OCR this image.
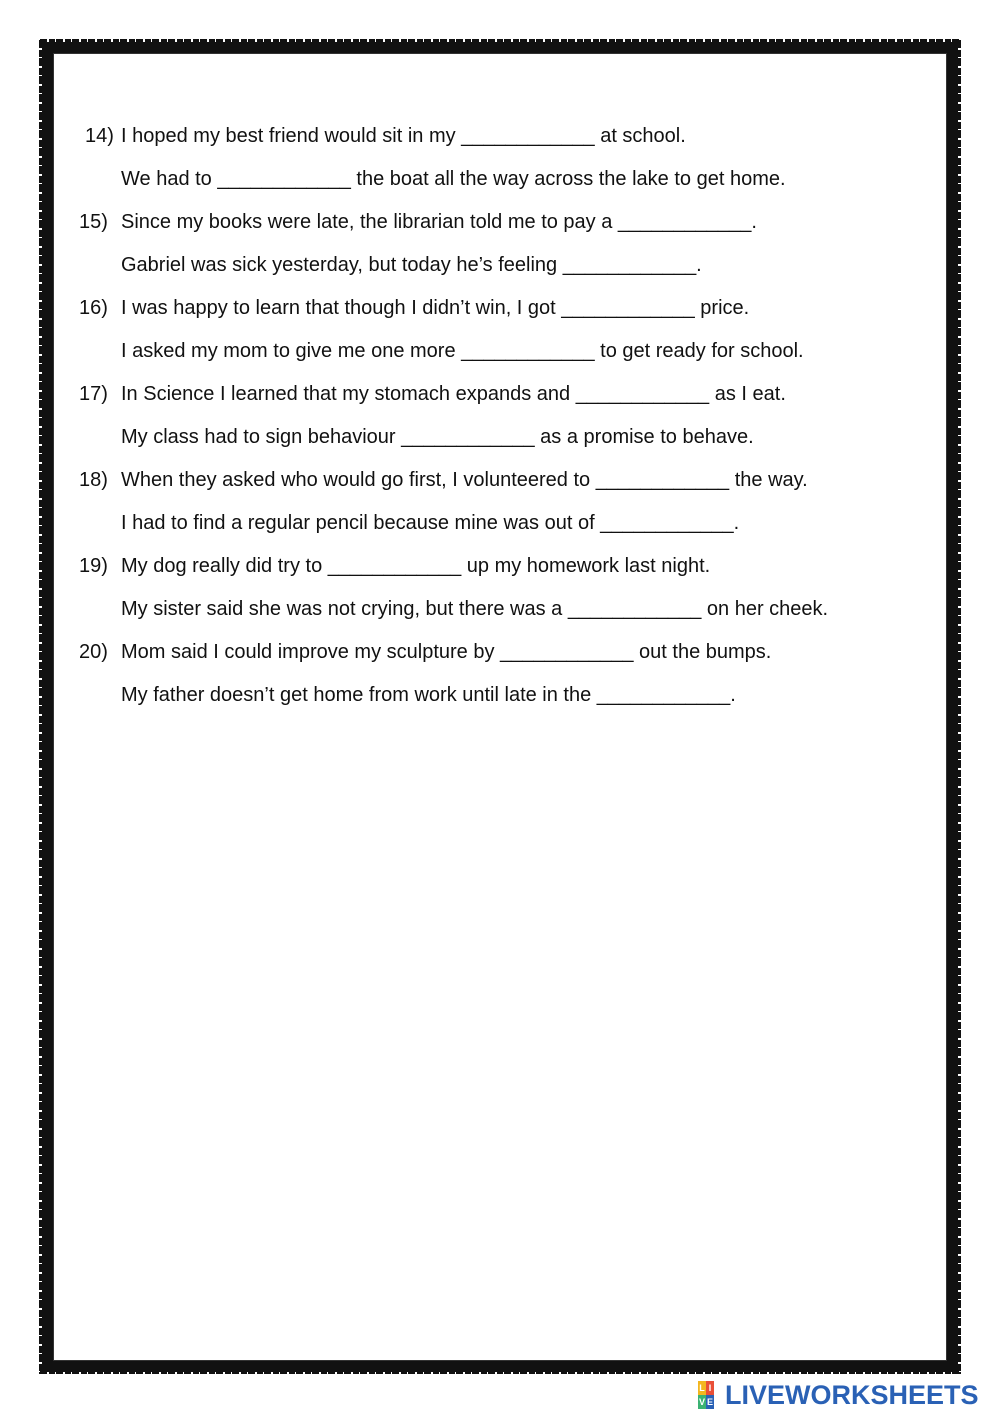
14) I hoped my best friend would sit in my ____________ at school.
We had to ____________ the boat all the way across the lake to get home.
15) Since my books were late, the librarian told me to pay a ____________.
Gabriel was sick yesterday, but today he’s feeling ____________.
16) I was happy to learn that though I didn’t win, I got ____________ price.
I asked my mom to give me one more ____________ to get ready for school.
17) In Science I learned that my stomach expands and ____________ as I eat.
My class had to sign behaviour ____________ as a promise to behave.
18) When they asked who would go first, I volunteered to ____________ the way.
I had to find a regular pencil because mine was out of ____________.
19) My dog really did try to ____________ up my homework last night.
My sister said she was not crying, but there was a ____________ on her cheek.
20) Mom said I could improve my sculpture by ____________ out the bumps.
My father doesn’t get home from work until late in the ____________.
L I
V E LIVEWORKSHEETS
